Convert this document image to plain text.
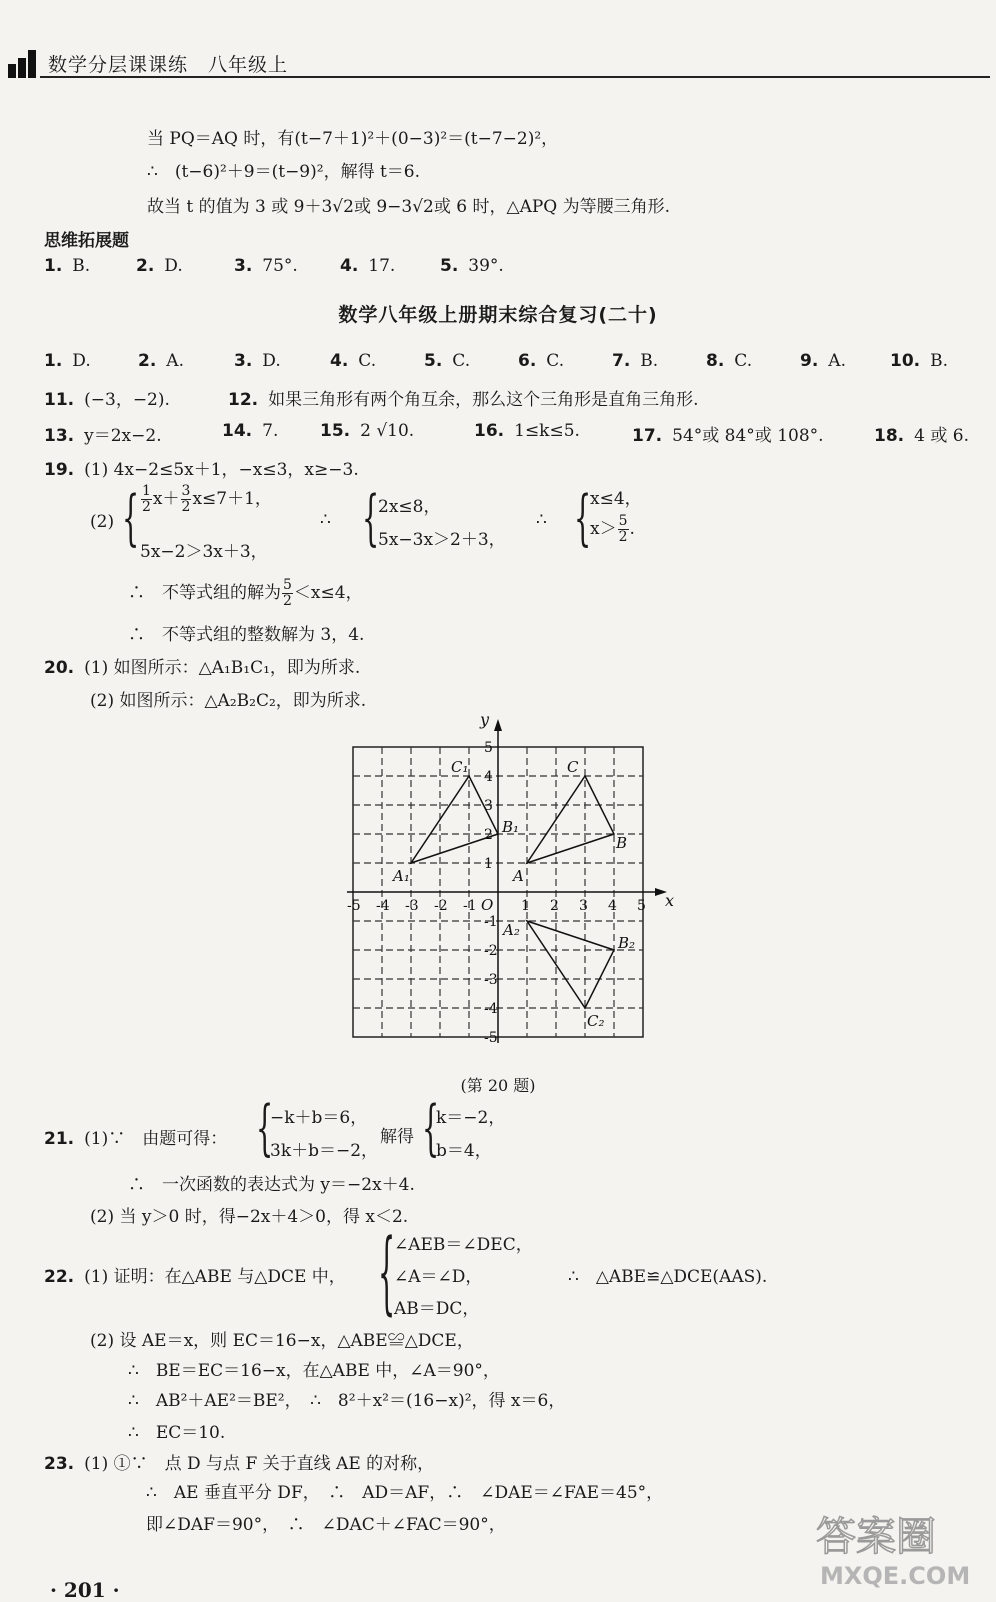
数学分层课课练　八年级上
当 PQ＝AQ 时，有(t−7＋1)²＋(0−3)²＝(t−7−2)²，
∴　(t−6)²＋9＝(t−9)²，解得 t＝6.
故当 t 的值为 3 或 9＋3√2或 9−3√2或 6 时，△APQ 为等腰三角形.
思维拓展题
1. B.	2. D.	3. 75°. 4. 17.	5. 39°.
数学八年级上册期末综合复习(二十)
1. D.	2. A.	3. D.	4. C.	5. C.	6. C.	7. B.	8. C.	9. A.	10. B.
11. (−3，−2).	12. 如果三角形有两个角互余，那么这个三角形是直角三角形.
13. y＝2x−2.	14. 7. 15. 2 √10.	16. 1≤k≤5.	17. 54°或 84°或 108°.	18. 4 或 6.
19. (1) 4x−2≤5x＋1，−x≤3，x≥−3.
(2) { $\frac{1}{2} x+ \frac{3}{2} x\le 7+1$，
5x−2＞3x＋3，
∴ {
2x≤8，
5x−3x＞2＋3，
∴ {
x≤4，
$x> \frac{5}{2}$ .
∴　不等式组的解为 $\frac{5}{2} <x\le 4$，
∴　不等式组的整数解为 3，4.
20. (1) 如图所示：△A₁B₁C₁，即为所求.
(2) 如图所示：△A₂B₂C₂，即为所求.
x
y
O
-5 -4 -3 -2 -1	1 2 3 4 5
5
4
3
2
1
-1
-2
-3
-4
-5
A₁
B₁
C₁
A
B
C
A₂
B₂
C₂
(第 20 题)
21. (1)∵　由题可得： {
−k＋b＝6，
3k＋b＝−2，
解得 {
k＝−2，
b＝4，
∴　一次函数的表达式为 y＝−2x＋4.
(2) 当 y＞0 时，得−2x＋4＞0，得 x＜2.
22. (1) 证明：在△ABE 与△DCE 中， {
∠AEB＝∠DEC，
∠A＝∠D，
AB＝DC，
∴　△ABE≌△DCE(AAS).
(2) 设 AE＝x，则 EC＝16−x，△ABE≌△DCE，
∴　BE＝EC＝16−x，在△ABE 中，∠A＝90°，
∴　AB²＋AE²＝BE²，　∴　8²＋x²＝(16−x)²，得 x＝6，
∴　EC＝10.
23. (1) ①∵　点 D 与点 F 关于直线 AE 的对称，
∴　AE 垂直平分 DF，　∴　AD＝AF，∴　∠DAE＝∠FAE＝45°，
即∠DAF＝90°，　∴　∠DAC＋∠FAC＝90°，
· 201 ·
答案圈
MXQE.COM
